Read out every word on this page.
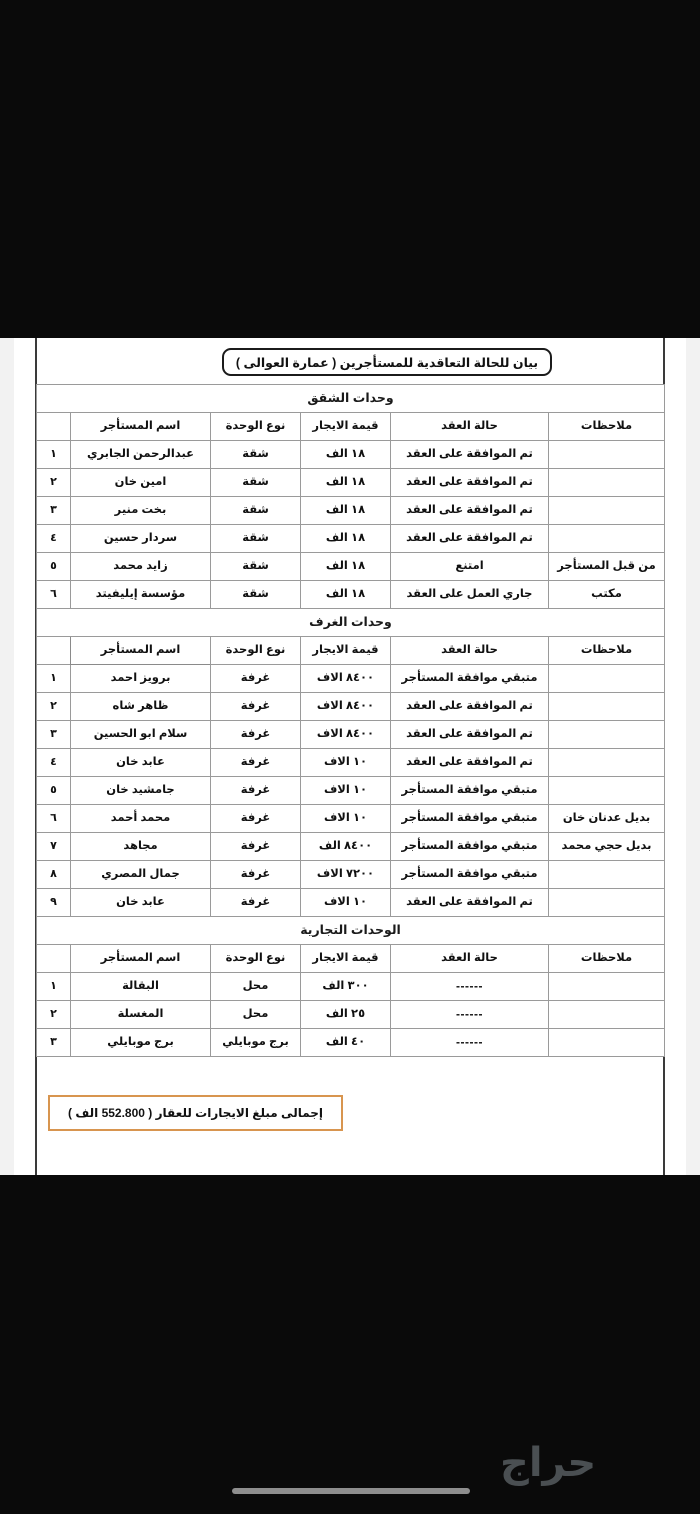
بيان للحالة التعاقدية للمستأجرين ( عمارة العوالى )
وحدات الشقق					
ملاحظات	حالة العقد	قيمة الايجار	نوع الوحدة	اسم المستأجر	
	تم الموافقة على العقد	١٨ الف	شقة	عبدالرحمن الجابري	١
	تم الموافقة على العقد	١٨ الف	شقة	امين خان	٢
	تم الموافقة على العقد	١٨ الف	شقة	بخت منير	٣
	تم الموافقة على العقد	١٨ الف	شقة	سردار حسين	٤
من قبل المستأجر	امتنع	١٨ الف	شقة	زايد محمد	٥
مكتب	جاري العمل على العقد	١٨ الف	شقة	مؤسسة إيليفيتد	٦
وحدات الغرف					
ملاحظات	حالة العقد	قيمة الايجار	نوع الوحدة	اسم المستأجر	
	متبقي موافقة المستأجر	٨٤٠٠ الاف	غرفة	برويز احمد	١
	تم الموافقة على العقد	٨٤٠٠ الاف	غرفة	ظاهر شاه	٢
	تم الموافقة على العقد	٨٤٠٠ الاف	غرفة	سلام ابو الحسين	٣
	تم الموافقة على العقد	١٠ الاف	غرفة	عابد خان	٤
	متبقي موافقة المستأجر	١٠ الاف	غرفة	جامشيد خان	٥
بديل عدنان خان	متبقي موافقة المستأجر	١٠ الاف	غرفة	محمد أحمد	٦
بديل حجي محمد	متبقي موافقة المستأجر	٨٤٠٠ الف	غرفة	مجاهد	٧
	متبقي موافقة المستأجر	٧٢٠٠ الاف	غرفة	جمال المصري	٨
	تم الموافقة على العقد	١٠ الاف	غرفة	عابد خان	٩
الوحدات التجارية					
ملاحظات	حالة العقد	قيمة الايجار	نوع الوحدة	اسم المستأجر	
	------	٣٠٠ الف	محل	البقالة	١
	------	٢٥ الف	محل	المغسلة	٢
	------	٤٠ الف	برج موبايلي	برج موبايلي	٣
إجمالى مبلغ الايجارات للعقار ( 552.800 الف )
حراج
